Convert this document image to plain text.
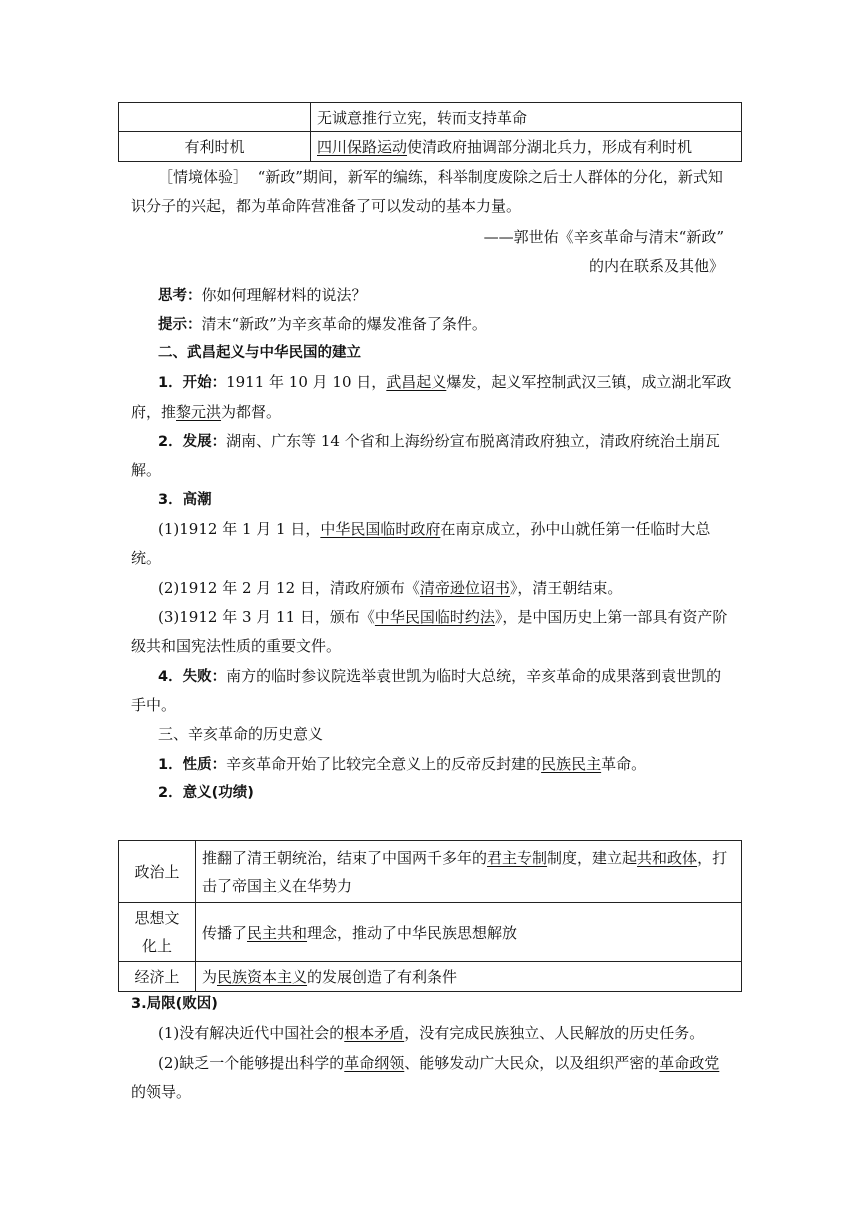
	无诚意推行立宪，转而支持革命
有利时机	四川保路运动使清政府抽调部分湖北兵力，形成有利时机
［情境体验］ “新政”期间，新军的编练，科举制度废除之后士人群体的分化，新式知
识分子的兴起，都为革命阵营准备了可以发动的基本力量。
——郭世佑《辛亥革命与清末“新政”
的内在联系及其他》
思考：你如何理解材料的说法？
提示：清末“新政”为辛亥革命的爆发准备了条件。
二、武昌起义与中华民国的建立
1．开始：1911 年 10 月 10 日，武昌起义爆发，起义军控制武汉三镇，成立湖北军政
府，推黎元洪为都督。
2．发展：湖南、广东等 14 个省和上海纷纷宣布脱离清政府独立，清政府统治土崩瓦
解。
3．高潮
(1)1912 年 1 月 1 日，中华民国临时政府在南京成立，孙中山就任第一任临时大总
统。
(2)1912 年 2 月 12 日，清政府颁布《清帝逊位诏书》，清王朝结束。
(3)1912 年 3 月 11 日，颁布《中华民国临时约法》，是中国历史上第一部具有资产阶
级共和国宪法性质的重要文件。
4．失败：南方的临时参议院选举袁世凯为临时大总统，辛亥革命的成果落到袁世凯的
手中。
三、辛亥革命的历史意义
1．性质：辛亥革命开始了比较完全意义上的反帝反封建的民族民主革命。
2．意义(功绩)
政治上	推翻了清王朝统治，结束了中国两千多年的君主专制制度，建立起共和政体，打
击了帝国主义在华势力
思想文
化上	传播了民主共和理念，推动了中华民族思想解放
经济上	为民族资本主义的发展创造了有利条件
3.局限(败因)
(1)没有解决近代中国社会的根本矛盾，没有完成民族独立、人民解放的历史任务。
(2)缺乏一个能够提出科学的革命纲领、能够发动广大民众，以及组织严密的革命政党
的领导。
